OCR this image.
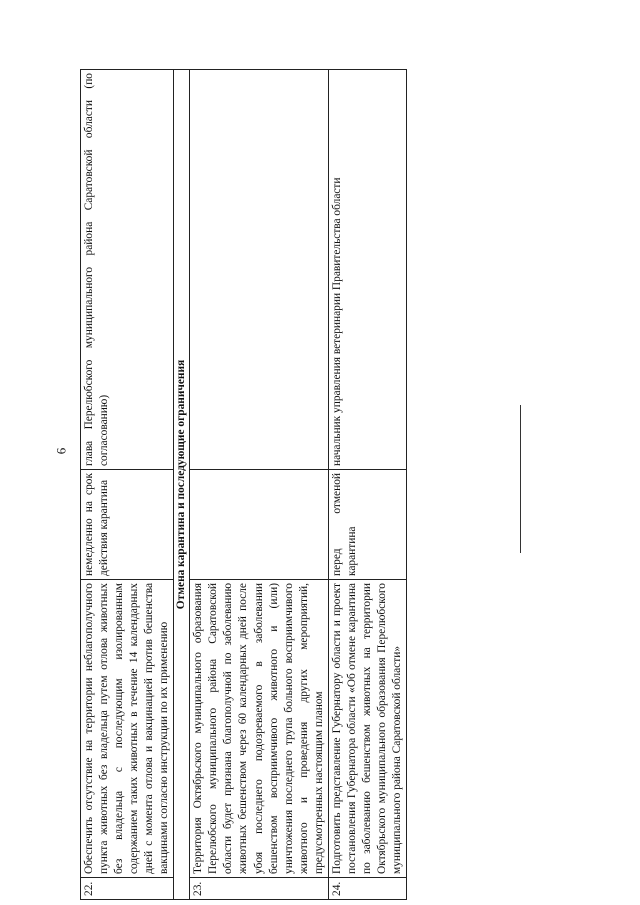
6
22.	Обеспечить отсутствие на территории неблагополучного пункта животных без владельца путем отлова животных без владельца с последующим изолированным содержанием таких животных в течение 14 календарных дней с момента отлова и вакцинацией против бешенства вакцинами согласно инструкции по их применению	немедленно на срок действия карантина	глава Перелюбского муниципального района Саратовской области (по согласованию)
Отмена карантина и последующие ограничения			
23.	Территория Октябрьского муниципального образования Перелюбского муниципального района Саратовской области будет признана благополучной по заболеванию животных бешенством через 60 календарных дней после убоя последнего подозреваемого в заболевании бешенством восприимчивого животного и (или) уничтожения последнего трупа больного восприимчивого животного и проведения других мероприятий, предусмотренных настоящим планом		
24.	Подготовить представление Губернатору области и проект постановления Губернатора области «Об отмене карантина по заболеванию бешенством животных на территории Октябрьского муниципального образования Перелюбского муниципального района Саратовской области»	перед отменой карантина	начальник управления ветеринарии Правительства области
